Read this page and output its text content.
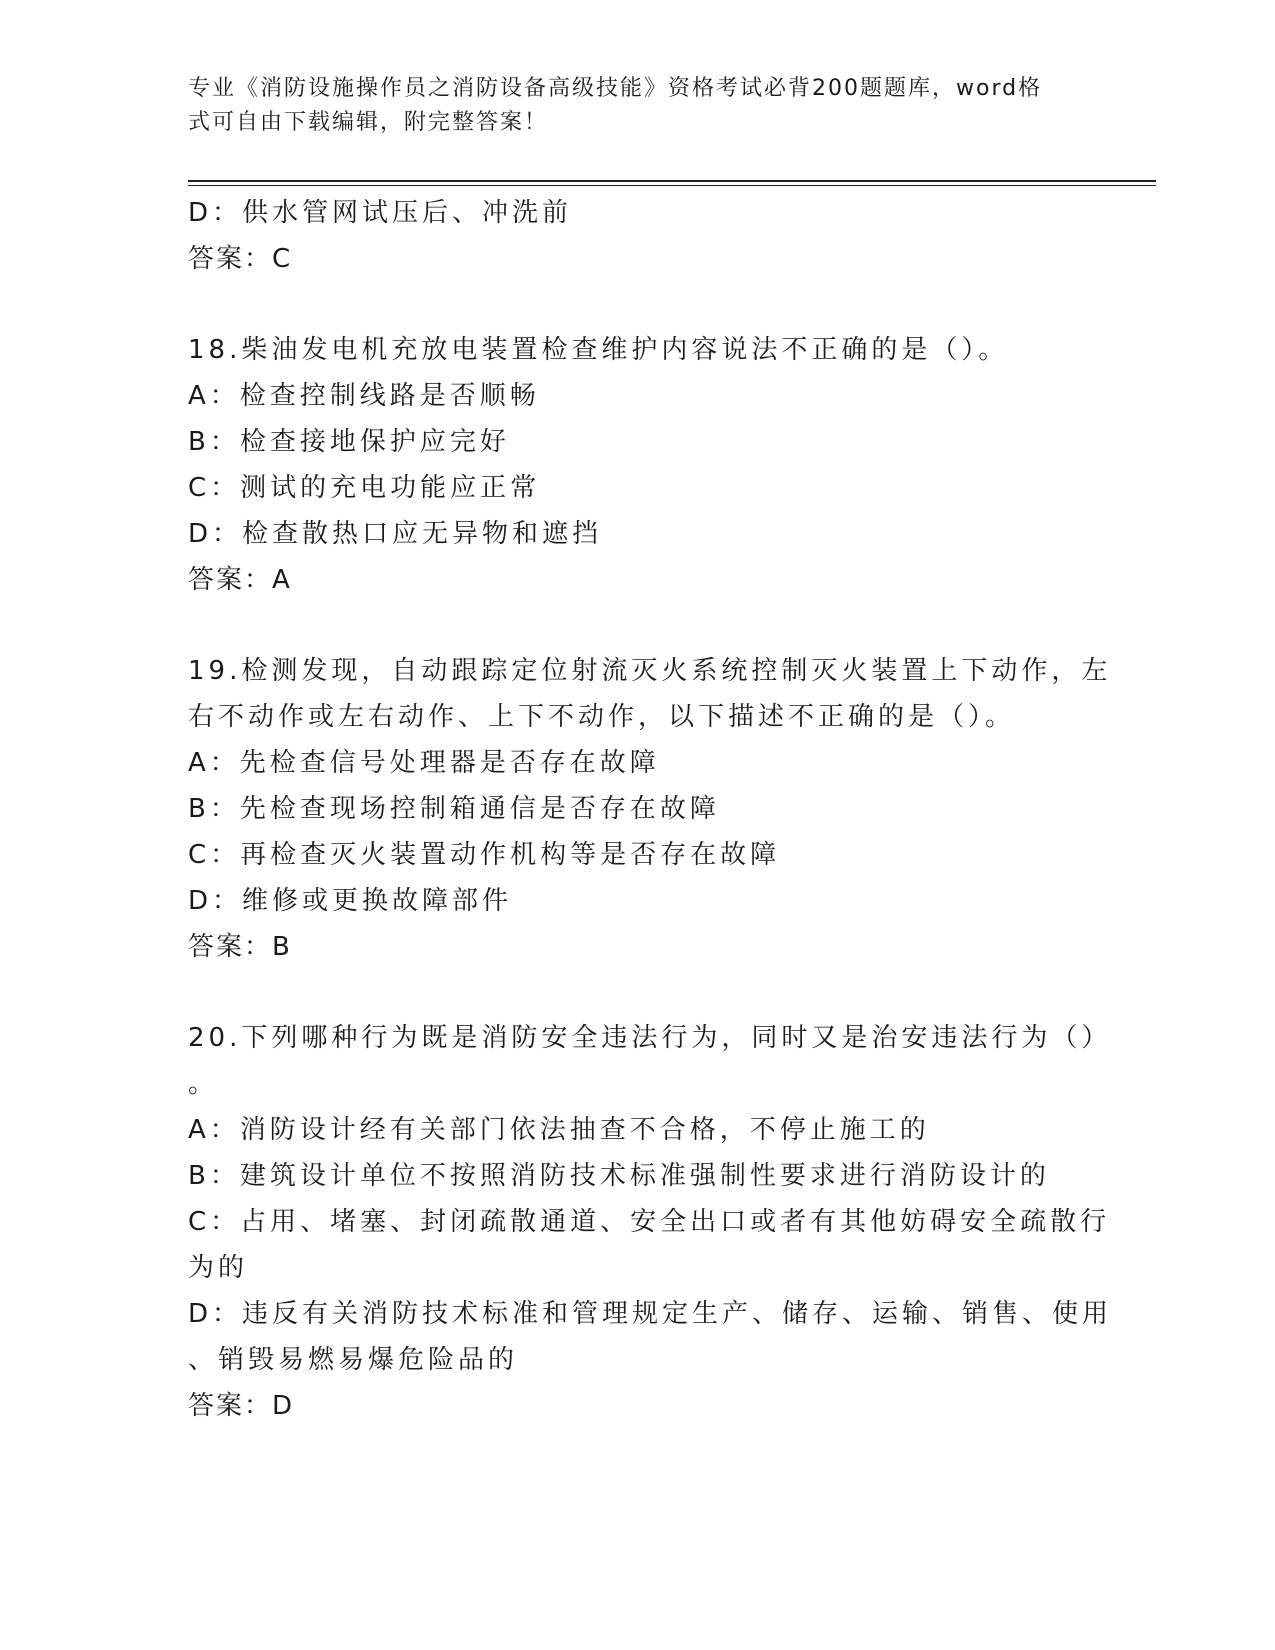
专业《消防设施操作员之消防设备高级技能》资格考试必背200题题库，word格
式可自由下载编辑，附完整答案！
D：供水管网试压后、冲洗前
答案：C
18.柴油发电机充放电装置检查维护内容说法不正确的是（）。
A：检查控制线路是否顺畅
B：检查接地保护应完好
C：测试的充电功能应正常
D：检查散热口应无异物和遮挡
答案：A
19.检测发现，自动跟踪定位射流灭火系统控制灭火装置上下动作，左
右不动作或左右动作、上下不动作，以下描述不正确的是（）。
A：先检查信号处理器是否存在故障
B：先检查现场控制箱通信是否存在故障
C：再检查灭火装置动作机构等是否存在故障
D：维修或更换故障部件
答案：B
20.下列哪种行为既是消防安全违法行为，同时又是治安违法行为（）
。
A：消防设计经有关部门依法抽查不合格，不停止施工的
B：建筑设计单位不按照消防技术标准强制性要求进行消防设计的
C：占用、堵塞、封闭疏散通道、安全出口或者有其他妨碍安全疏散行
为的
D：违反有关消防技术标准和管理规定生产、储存、运输、销售、使用
、销毁易燃易爆危险品的
答案：D
